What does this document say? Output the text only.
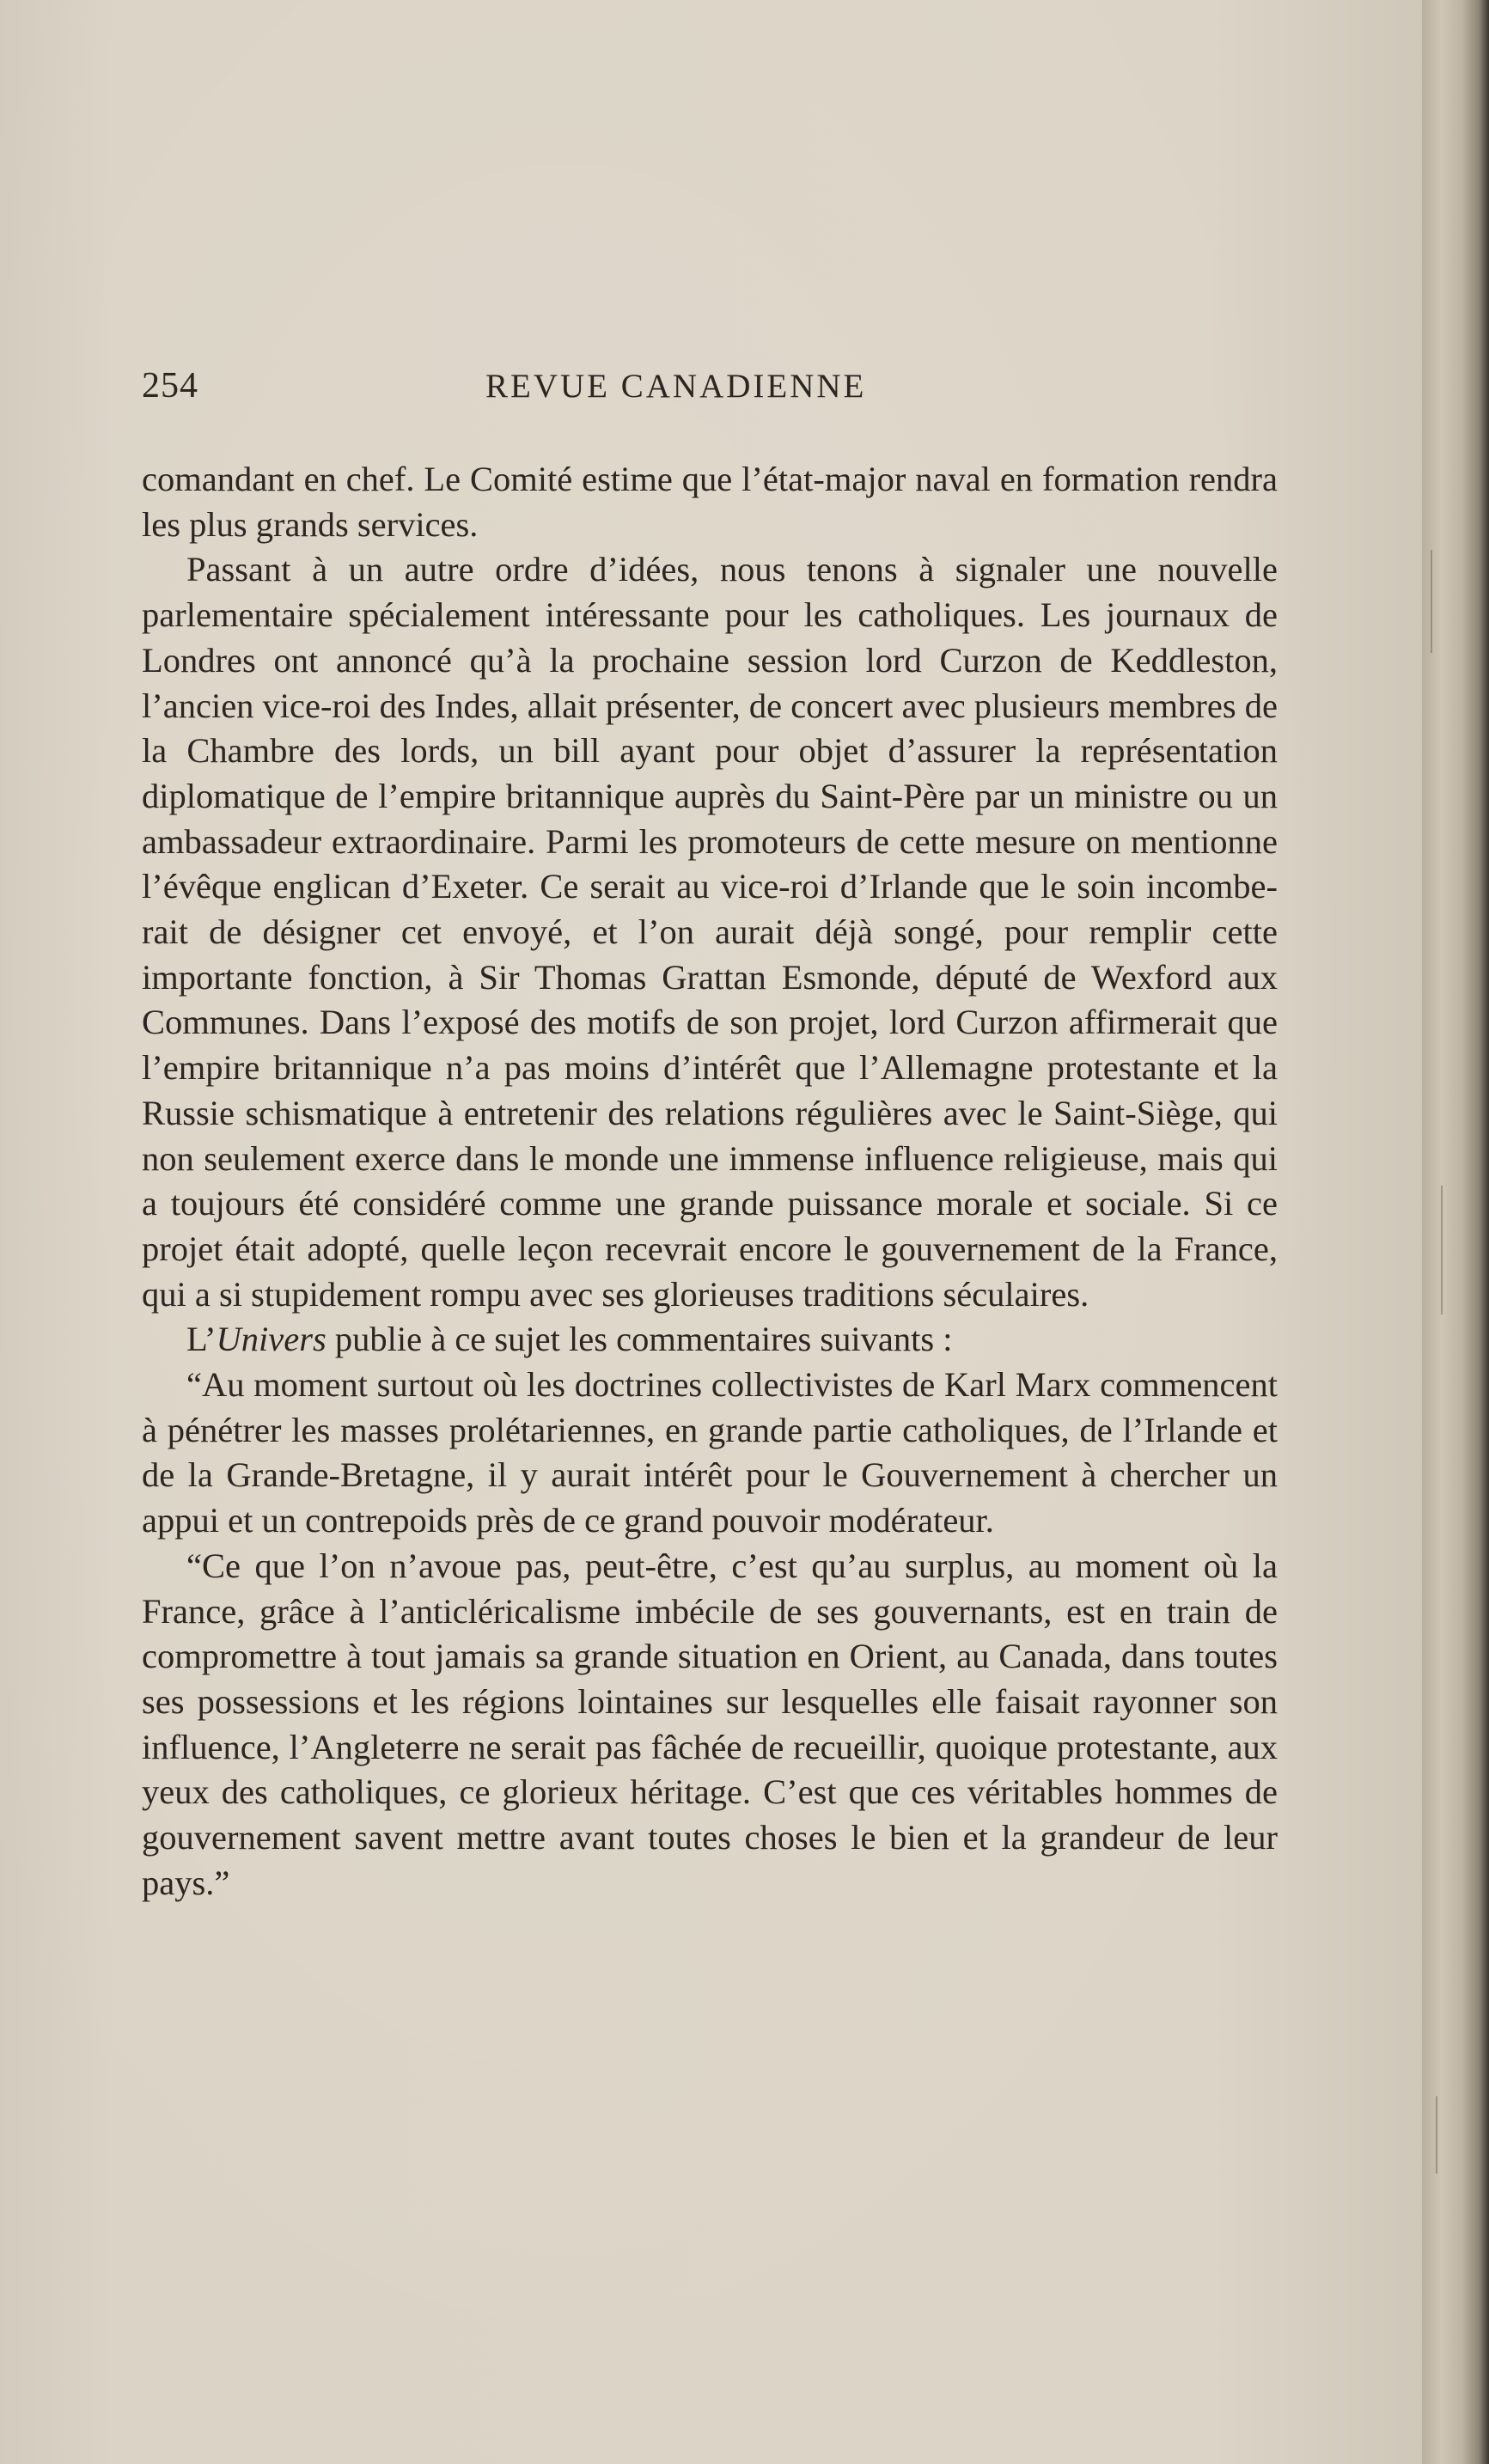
254	REVUE CANADIENNE

comandant en chef. Le Comité estime que l’état-major naval en formation rendra les plus grands services.

Passant à un autre ordre d’idées, nous tenons à signaler une nouvelle parlementaire spécialement intéressante pour les catholiques. Les journaux de Londres ont annoncé qu’à la prochaine session lord Curzon de Keddleston, l’ancien vice-roi des Indes, allait présenter, de concert avec plusieurs membres de la Chambre des lords, un bill ayant pour objet d’assurer la représentation diplomatique de l’empire britannique auprès du Saint-Père par un ministre ou un ambassadeur extraordinaire. Parmi les promoteurs de cette mesure on mentionne l’évêque englican d’Exeter. Ce serait au vice-roi d’Irlande que le soin incomberait de désigner cet envoyé, et l’on aurait déjà songé, pour remplir cette importante fonction, à Sir Thomas Grattan Esmonde, député de Wexford aux Communes. Dans l’exposé des motifs de son projet, lord Curzon affirmerait que l’empire britannique n’a pas moins d’intérêt que l’Allemagne protestante et la Russie schismatique à entretenir des relations régulières avec le Saint-Siège, qui non seulement exerce dans le monde une immense influence religieuse, mais qui a toujours été considéré comme une grande puissance morale et sociale. Si ce projet était adopté, quelle leçon recevrait encore le gouvernement de la France, qui a si stupidement rompu avec ses glorieuses traditions séculaires.

L’Univers publie à ce sujet les commentaires suivants :

“Au moment surtout où les doctrines collectivistes de Karl Marx commencent à pénétrer les masses prolétariennes, en grande partie catholiques, de l’Irlande et de la Grande-Bretagne, il y aurait intérêt pour le Gouvernement à chercher un appui et un contrepoids près de ce grand pouvoir modérateur.

“Ce que l’on n’avoue pas, peut-être, c’est qu’au surplus, au moment où la France, grâce à l’anticléricalisme imbécile de ses gouvernants, est en train de compromettre à tout jamais sa grande situation en Orient, au Canada, dans toutes ses possessions et les régions lointaines sur lesquelles elle faisait rayonner son influence, l’Angleterre ne serait pas fâchée de recueillir, quoique protestante, aux yeux des catholiques, ce glorieux héritage. C’est que ces véritables hommes de gouvernement savent mettre avant toutes choses le bien et la grandeur de leur pays.”
